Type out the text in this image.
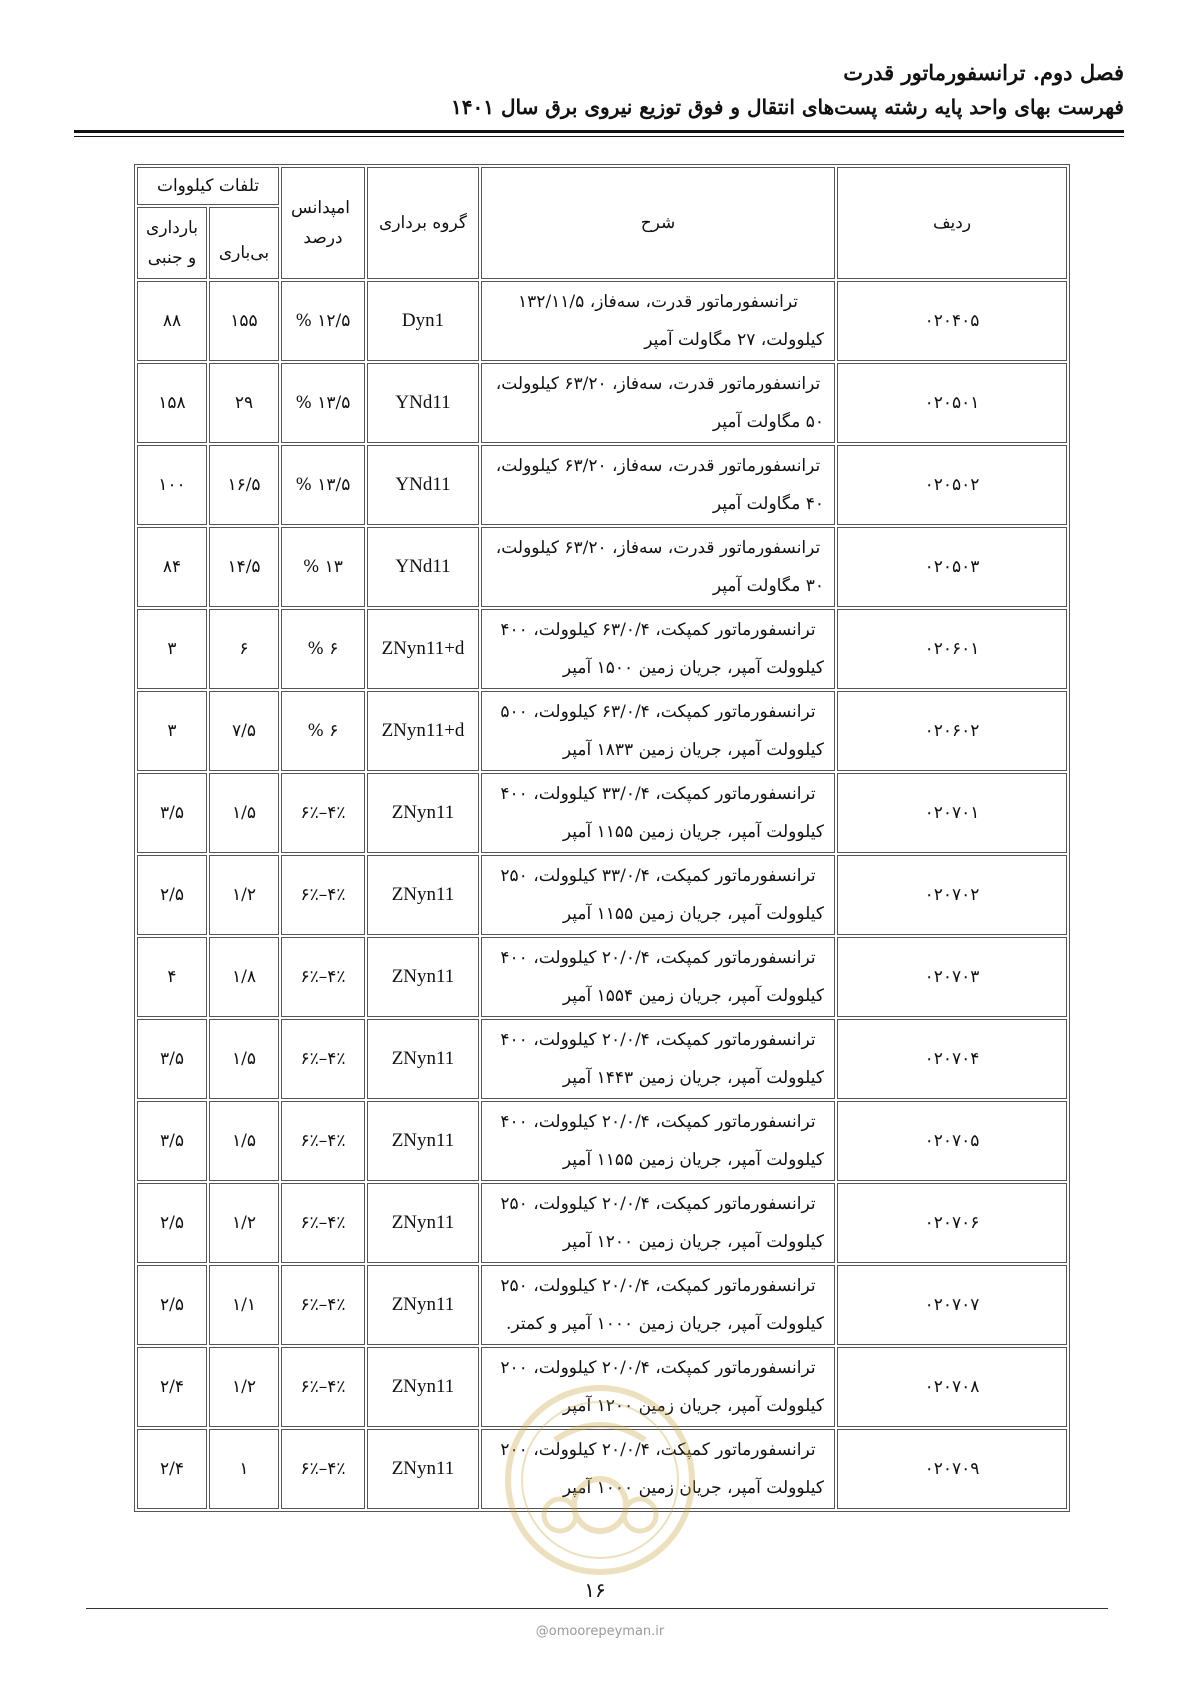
فصل دوم. ترانسفورماتور قدرت
فهرست بهای واحد پایه رشته پست‌های انتقال و فوق توزیع نیروی برق سال ۱۴۰۱
ردیف	شرح	گروه برداری	امپدانس درصد	تلفات کیلووات	
				بی‌باری	بارداری و جنبی
۰۲۰۴۰۵	ترانسفورماتور قدرت، سه‌فاز، ۱۳۲/۱۱/۵ کیلوولت، ۲۷ مگاولت آمپر	Dyn1	۱۲/۵ %	۱۵۵	۸۸
۰۲۰۵۰۱	ترانسفورماتور قدرت، سه‌فاز، ۶۳/۲۰ کیلوولت، ۵۰ مگاولت آمپر	YNd11	۱۳/۵ %	۲۹	۱۵۸
۰۲۰۵۰۲	ترانسفورماتور قدرت، سه‌فاز، ۶۳/۲۰ کیلوولت، ۴۰ مگاولت آمپر	YNd11	۱۳/۵ %	۱۶/۵	۱۰۰
۰۲۰۵۰۳	ترانسفورماتور قدرت، سه‌فاز، ۶۳/۲۰ کیلوولت، ۳۰ مگاولت آمپر	YNd11	۱۳ %	۱۴/۵	۸۴
۰۲۰۶۰۱	ترانسفورماتور کمپکت، ۶۳/۰/۴ کیلوولت، ۴۰۰ کیلوولت آمپر، جریان زمین ۱۵۰۰ آمپر	ZNyn11+d	۶ %	۶	۳
۰۲۰۶۰۲	ترانسفورماتور کمپکت، ۶۳/۰/۴ کیلوولت، ۵۰۰ کیلوولت آمپر، جریان زمین ۱۸۳۳ آمپر	ZNyn11+d	۶ %	۷/۵	۳
۰۲۰۷۰۱	ترانسفورماتور کمپکت، ۳۳/۰/۴ کیلوولت، ۴۰۰ کیلوولت آمپر، جریان زمین ۱۱۵۵ آمپر	ZNyn11	۴٪–۶٪	۱/۵	۳/۵
۰۲۰۷۰۲	ترانسفورماتور کمپکت، ۳۳/۰/۴ کیلوولت، ۲۵۰ کیلوولت آمپر، جریان زمین ۱۱۵۵ آمپر	ZNyn11	۴٪–۶٪	۱/۲	۲/۵
۰۲۰۷۰۳	ترانسفورماتور کمپکت، ۲۰/۰/۴ کیلوولت، ۴۰۰ کیلوولت آمپر، جریان زمین ۱۵۵۴ آمپر	ZNyn11	۴٪–۶٪	۱/۸	۴
۰۲۰۷۰۴	ترانسفورماتور کمپکت، ۲۰/۰/۴ کیلوولت، ۴۰۰ کیلوولت آمپر، جریان زمین ۱۴۴۳ آمپر	ZNyn11	۴٪–۶٪	۱/۵	۳/۵
۰۲۰۷۰۵	ترانسفورماتور کمپکت، ۲۰/۰/۴ کیلوولت، ۴۰۰ کیلوولت آمپر، جریان زمین ۱۱۵۵ آمپر	ZNyn11	۴٪–۶٪	۱/۵	۳/۵
۰۲۰۷۰۶	ترانسفورماتور کمپکت، ۲۰/۰/۴ کیلوولت، ۲۵۰ کیلوولت آمپر، جریان زمین ۱۲۰۰ آمپر	ZNyn11	۴٪–۶٪	۱/۲	۲/۵
۰۲۰۷۰۷	ترانسفورماتور کمپکت، ۲۰/۰/۴ کیلوولت، ۲۵۰ کیلوولت آمپر، جریان زمین ۱۰۰۰ آمپر و کمتر.	ZNyn11	۴٪–۶٪	۱/۱	۲/۵
۰۲۰۷۰۸	ترانسفورماتور کمپکت، ۲۰/۰/۴ کیلوولت، ۲۰۰ کیلوولت آمپر، جریان زمین ۱۲۰۰ آمپر	ZNyn11	۴٪–۶٪	۱/۲	۲/۴
۰۲۰۷۰۹	ترانسفورماتور کمپکت، ۲۰/۰/۴ کیلوولت، ۲۰۰ کیلوولت آمپر، جریان زمین ۱۰۰۰ آمپر	ZNyn11	۴٪–۶٪	۱	۲/۴
۱۶
@omoorepeyman.ir
